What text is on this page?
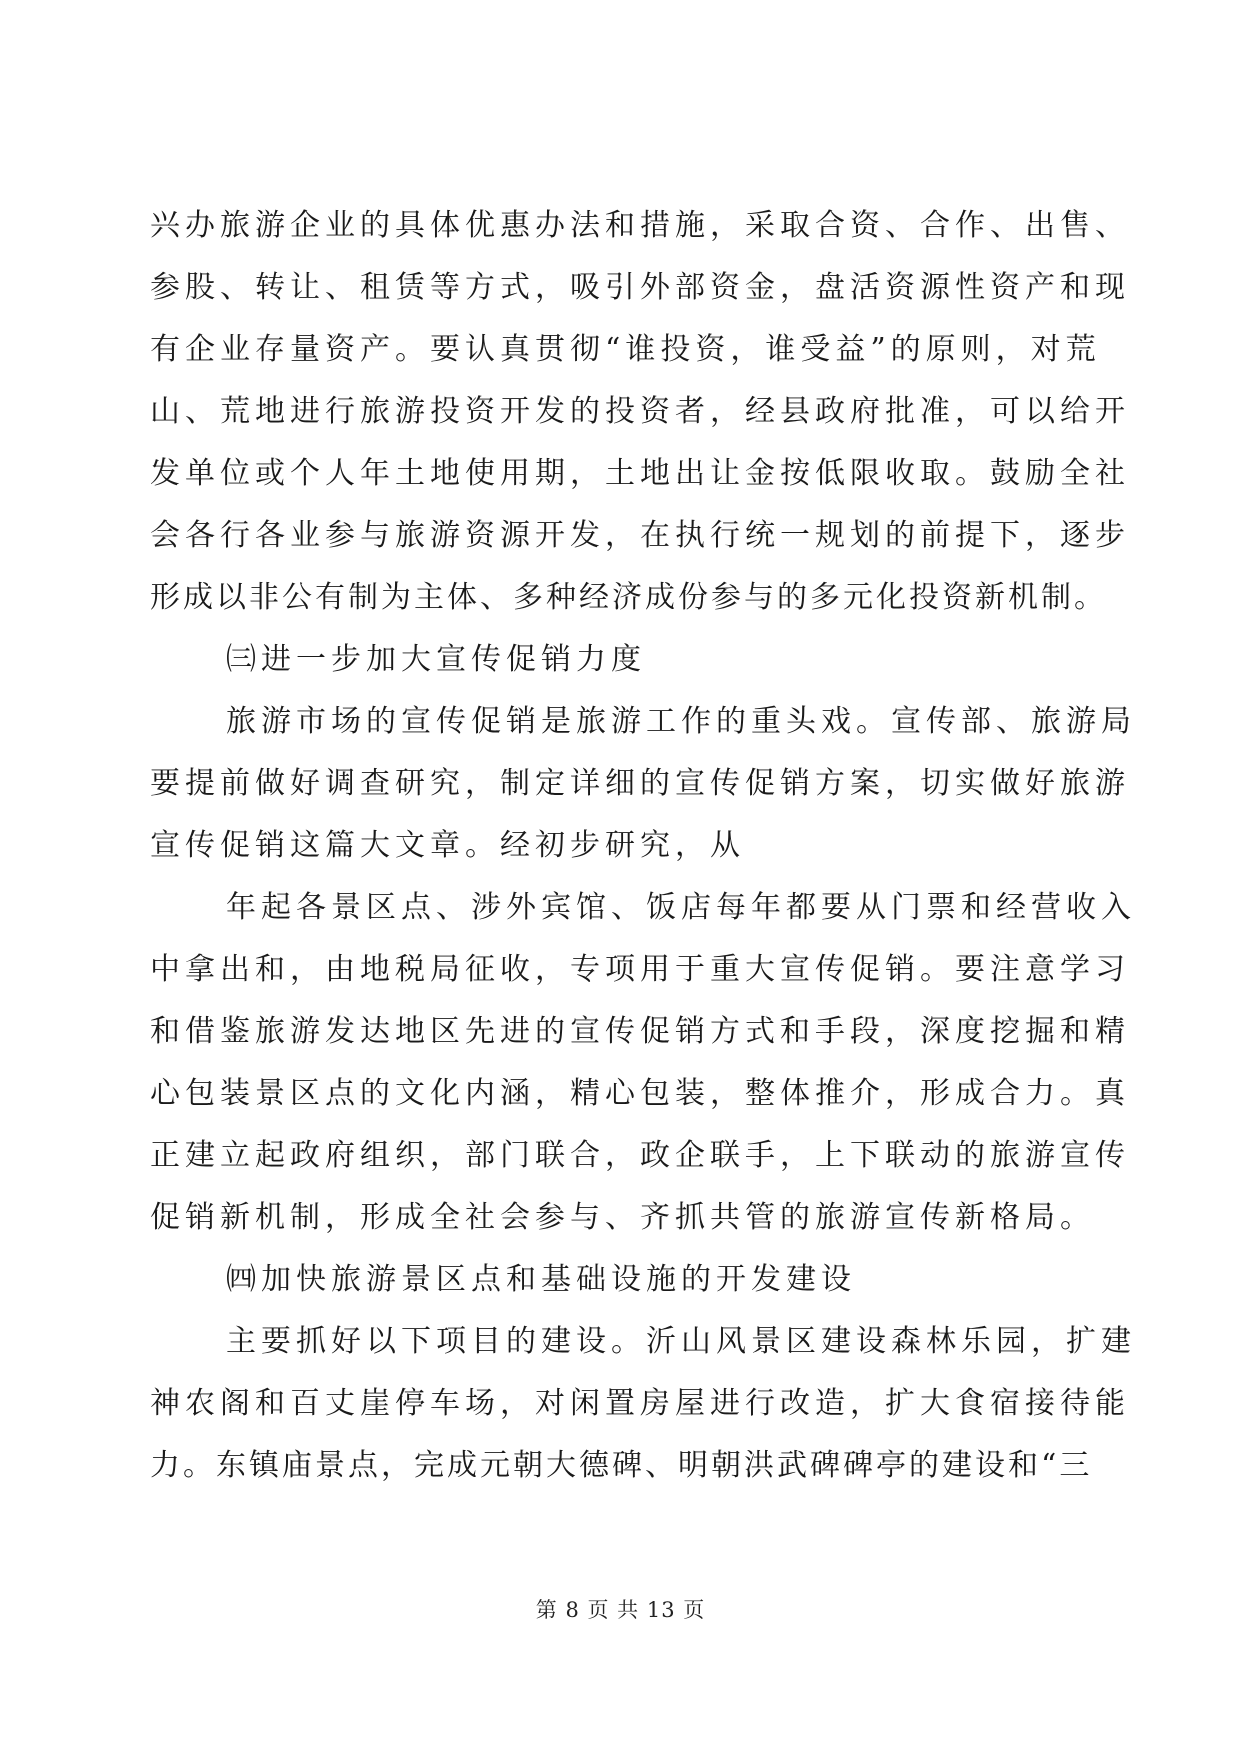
兴办旅游企业的具体优惠办法和措施，采取合资、合作、出售、
参股、转让、租赁等方式，吸引外部资金，盘活资源性资产和现
有企业存量资产。要认真贯彻“谁投资，谁受益”的原则，对荒
山、荒地进行旅游投资开发的投资者，经县政府批准，可以给开
发单位或个人年土地使用期，土地出让金按低限收取。鼓励全社
会各行各业参与旅游资源开发，在执行统一规划的前提下，逐步
形成以非公有制为主体、多种经济成份参与的多元化投资新机制。
㈢进一步加大宣传促销力度
旅游市场的宣传促销是旅游工作的重头戏。宣传部、旅游局
要提前做好调查研究，制定详细的宣传促销方案，切实做好旅游
宣传促销这篇大文章。经初步研究，从
年起各景区点、涉外宾馆、饭店每年都要从门票和经营收入
中拿出和，由地税局征收，专项用于重大宣传促销。要注意学习
和借鉴旅游发达地区先进的宣传促销方式和手段，深度挖掘和精
心包装景区点的文化内涵，精心包装，整体推介，形成合力。真
正建立起政府组织，部门联合，政企联手，上下联动的旅游宣传
促销新机制，形成全社会参与、齐抓共管的旅游宣传新格局。
㈣加快旅游景区点和基础设施的开发建设
主要抓好以下项目的建设。沂山风景区建设森林乐园，扩建
神农阁和百丈崖停车场，对闲置房屋进行改造，扩大食宿接待能
力。东镇庙景点，完成元朝大德碑、明朝洪武碑碑亭的建设和“三
第 8 页 共 13 页
